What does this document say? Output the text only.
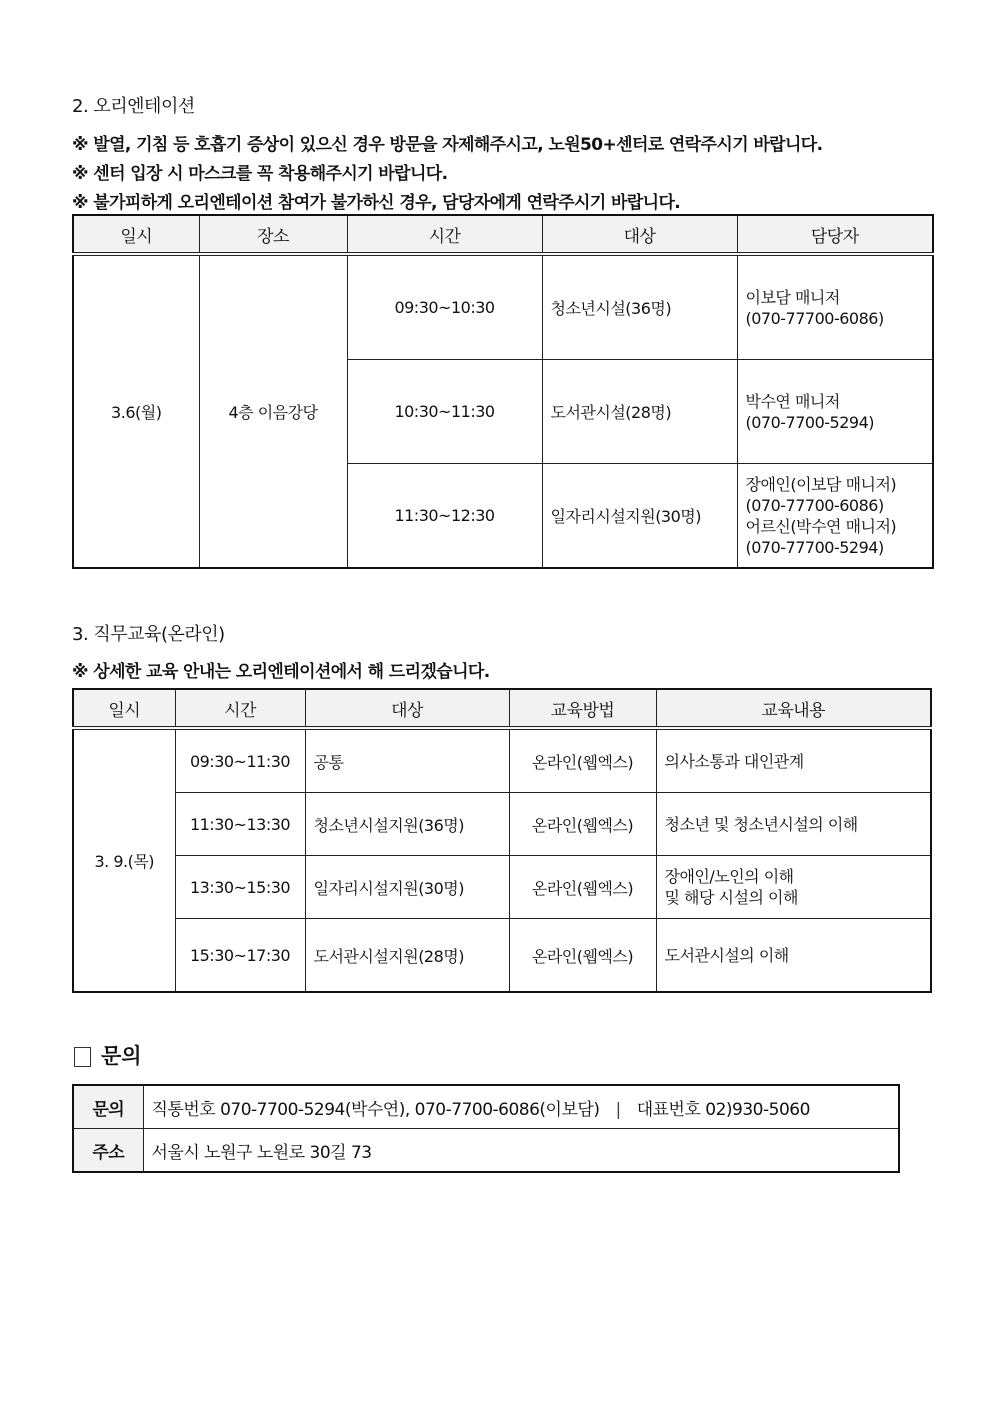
2. 오리엔테이션
※ 발열, 기침 등 호흡기 증상이 있으신 경우 방문을 자제해주시고, 노원50+센터로 연락주시기 바랍니다.
※ 센터 입장 시 마스크를 꼭 착용해주시기 바랍니다.
※ 불가피하게 오리엔테이션 참여가 불가하신 경우, 담당자에게 연락주시기 바랍니다.
일시	장소	시간	대상	담당자
3.6(월)	4층 이음강당	09:30~10:30	청소년시설(36명)	이보담 매니저
(070-77700-6086)

		10:30~11:30	도서관시설(28명)	박수연 매니저
(070-7700-5294)

		11:30~12:30	일자리시설지원(30명)	장애인(이보담 매니저)
(070-77700-6086)
어르신(박수연 매니저)
(070-77700-5294)
3. 직무교육(온라인)
※ 상세한 교육 안내는 오리엔테이션에서 해 드리겠습니다.
일시	시간	대상	교육방법	교육내용
3. 9.(목)	09:30~11:30	공통	온라인(웹엑스)	의사소통과 대인관계

	11:30~13:30	청소년시설지원(36명)	온라인(웹엑스)	청소년 및 청소년시설의 이해

	13:30~15:30	일자리시설지원(30명)	온라인(웹엑스)	장애인/노인의 이해
및 해당 시설의 이해

	15:30~17:30	도서관시설지원(28명)	온라인(웹엑스)	도서관시설의 이해
문의
문의	직통번호 070-7700-5294(박수연), 070-7700-6086(이보담) | 대표번호 02)930-5060
주소	서울시 노원구 노원로 30길 73
